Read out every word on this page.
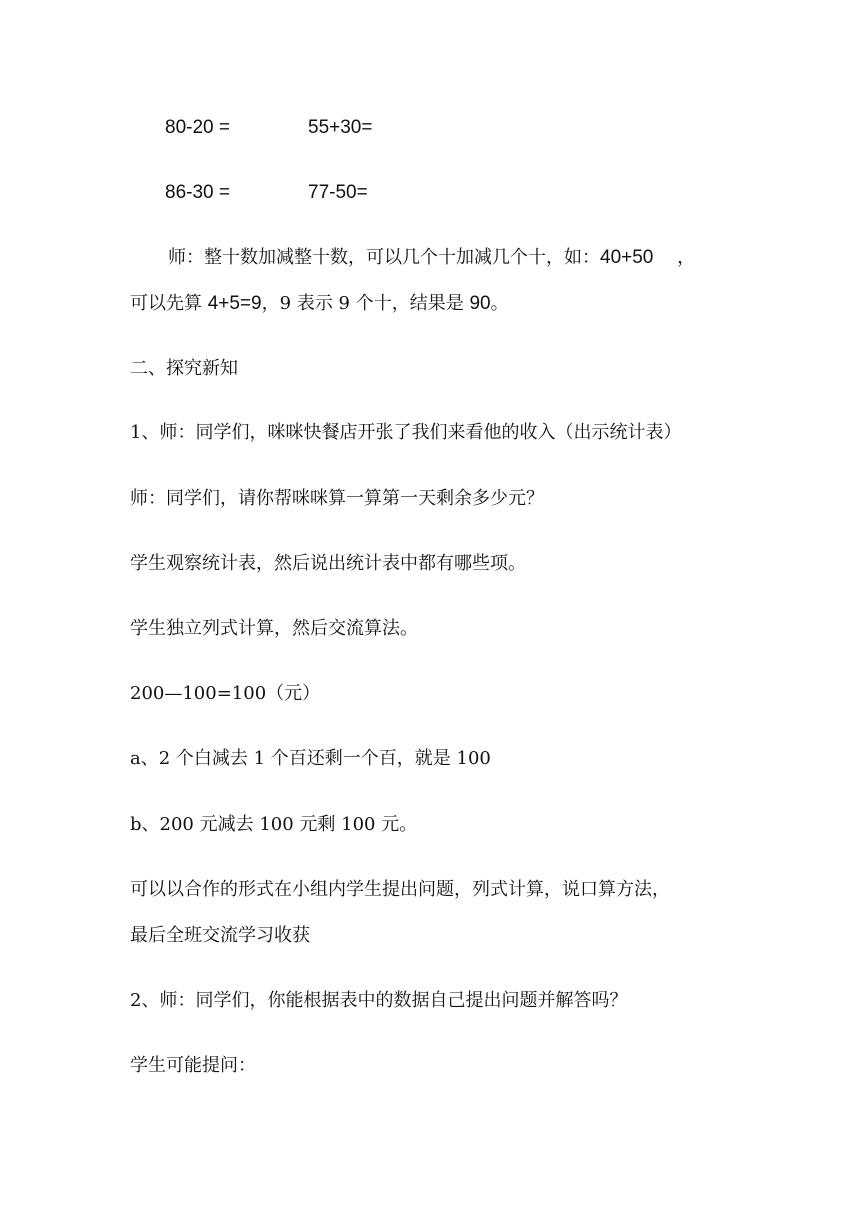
80-20 =	55+30=
86-30 =	77-50=
师：整十数加减整十数，可以几个十加减几个十，如：40+50 ，
可以先算 4+5=9，9 表示 9 个十，结果是 90。
二、探究新知
1、师：同学们，咪咪快餐店开张了我们来看他的收入（出示统计表）
师：同学们，请你帮咪咪算一算第一天剩余多少元？
学生观察统计表，然后说出统计表中都有哪些项。
学生独立列式计算，然后交流算法。
200—100=100（元）
a、2 个白减去 1 个百还剩一个百，就是 100
b、200 元减去 100 元剩 100 元。
可以以合作的形式在小组内学生提出问题，列式计算，说口算方法，
最后全班交流学习收获
2、师：同学们，你能根据表中的数据自己提出问题并解答吗？
学生可能提问：
